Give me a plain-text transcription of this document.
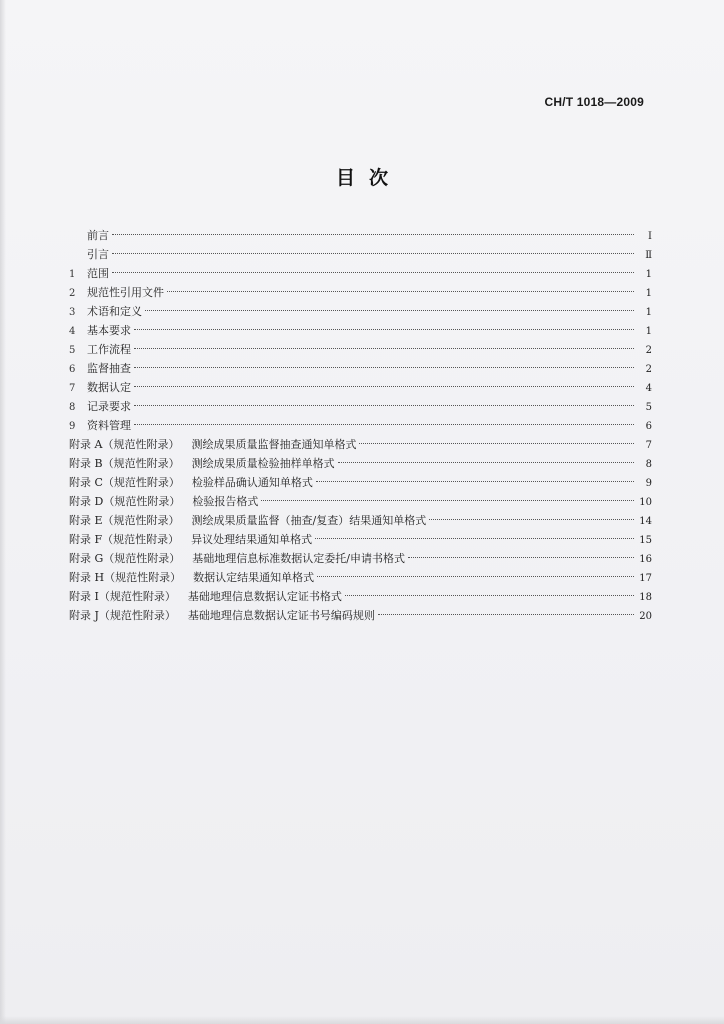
CH/T 1018—2009
目次
前言	Ⅰ
引言	Ⅱ
1	范围	1
2	规范性引用文件	1
3	术语和定义	1
4	基本要求	1
5	工作流程	2
6	监督抽查	2
7	数据认定	4
8	记录要求	5
9	资料管理	6
附录 A（规范性附录） 测绘成果质量监督抽查通知单格式	7
附录 B（规范性附录） 测绘成果质量检验抽样单格式	8
附录 C（规范性附录） 检验样品确认通知单格式	9
附录 D（规范性附录） 检验报告格式	10
附录 E（规范性附录） 测绘成果质量监督（抽查/复查）结果通知单格式	14
附录 F（规范性附录） 异议处理结果通知单格式	15
附录 G（规范性附录） 基础地理信息标准数据认定委托/申请书格式	16
附录 H（规范性附录） 数据认定结果通知单格式	17
附录 I（规范性附录） 基础地理信息数据认定证书格式	18
附录 J（规范性附录） 基础地理信息数据认定证书号编码规则	20
